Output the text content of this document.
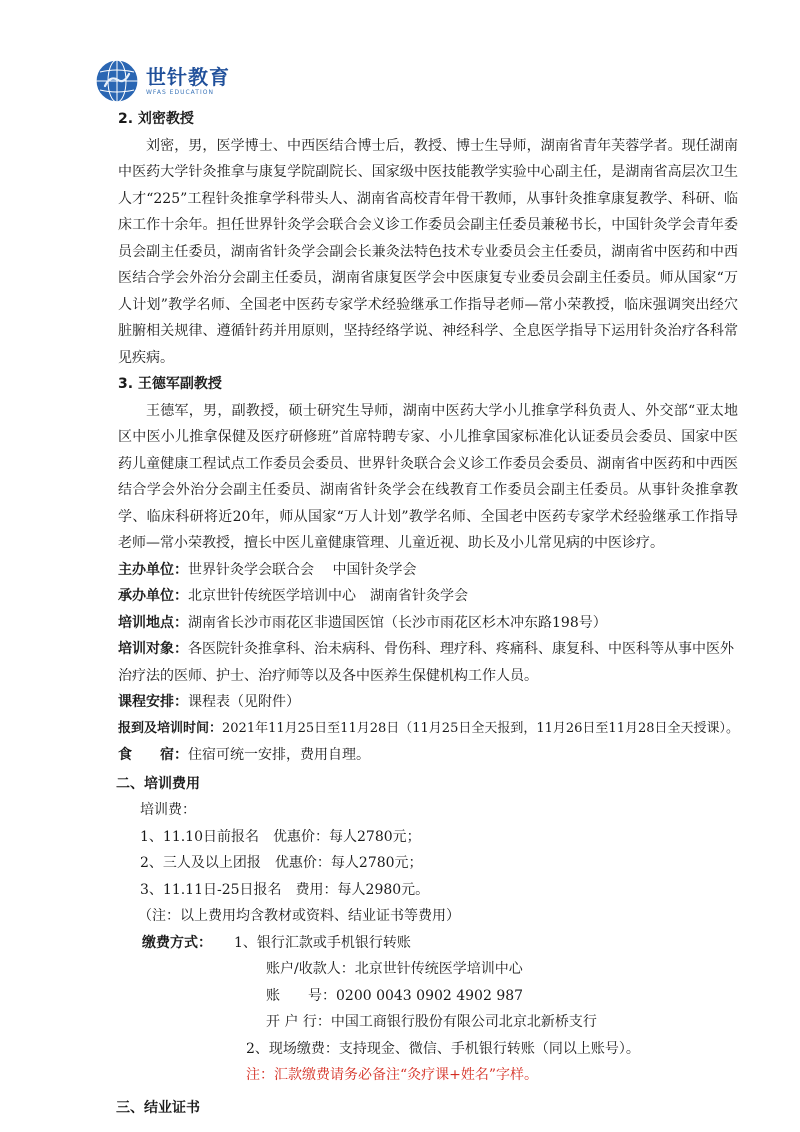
世针教育
WFAS EDUCATION

2. 刘密教授

刘密，男，医学博士、中西医结合博士后，教授、博士生导师，湖南省青年芙蓉学者。现任湖南中医药大学针灸推拿与康复学院副院长、国家级中医技能教学实验中心副主任，是湖南省高层次卫生人才“225”工程针灸推拿学科带头人、湖南省高校青年骨干教师，从事针灸推拿康复教学、科研、临床工作十余年。担任世界针灸学会联合会义诊工作委员会副主任委员兼秘书长，中国针灸学会青年委员会副主任委员，湖南省针灸学会副会长兼灸法特色技术专业委员会主任委员，湖南省中医药和中西医结合学会外治分会副主任委员，湖南省康复医学会中医康复专业委员会副主任委员。师从国家“万人计划”教学名师、全国老中医药专家学术经验继承工作指导老师—常小荣教授，临床强调突出经穴脏腑相关规律、遵循针药并用原则，坚持经络学说、神经科学、全息医学指导下运用针灸治疗各科常见疾病。

3. 王德军副教授

王德军，男，副教授，硕士研究生导师，湖南中医药大学小儿推拿学科负责人、外交部“亚太地区中医小儿推拿保健及医疗研修班”首席特聘专家、小儿推拿国家标准化认证委员会委员、国家中医药儿童健康工程试点工作委员会委员、世界针灸联合会义诊工作委员会委员、湖南省中医药和中西医结合学会外治分会副主任委员、湖南省针灸学会在线教育工作委员会副主任委员。从事针灸推拿教学、临床科研将近20年，师从国家“万人计划”教学名师、全国老中医药专家学术经验继承工作指导老师—常小荣教授，擅长中医儿童健康管理、儿童近视、助长及小儿常见病的中医诊疗。

主办单位：世界针灸学会联合会　 中国针灸学会

承办单位：北京世针传统医学培训中心　湖南省针灸学会

培训地点：湖南省长沙市雨花区非遗国医馆（长沙市雨花区杉木冲东路198号）

培训对象：各医院针灸推拿科、治未病科、骨伤科、理疗科、疼痛科、康复科、中医科等从事中医外治疗法的医师、护士、治疗师等以及各中医养生保健机构工作人员。

课程安排：课程表（见附件）

报到及培训时间：2021年11月25日至11月28日（11月25日全天报到，11月26日至11月28日全天授课）。

食　　宿：住宿可统一安排，费用自理。

二、培训费用

培训费：

1、11.10日前报名 优惠价：每人2780元；

2、三人及以上团报 优惠价：每人2780元；

3、11.11日-25日报名 费用：每人2980元。

（注：以上费用均含教材或资料、结业证书等费用）

缴费方式： 1、银行汇款或手机银行转账

账户/收款人：北京世针传统医学培训中心

账　　号：0200 0043 0902 4902 987

开 户 行：中国工商银行股份有限公司北京北新桥支行

2、现场缴费：支持现金、微信、手机银行转账（同以上账号）。

注：汇款缴费请务必备注“灸疗课+姓名”字样。

三、结业证书
